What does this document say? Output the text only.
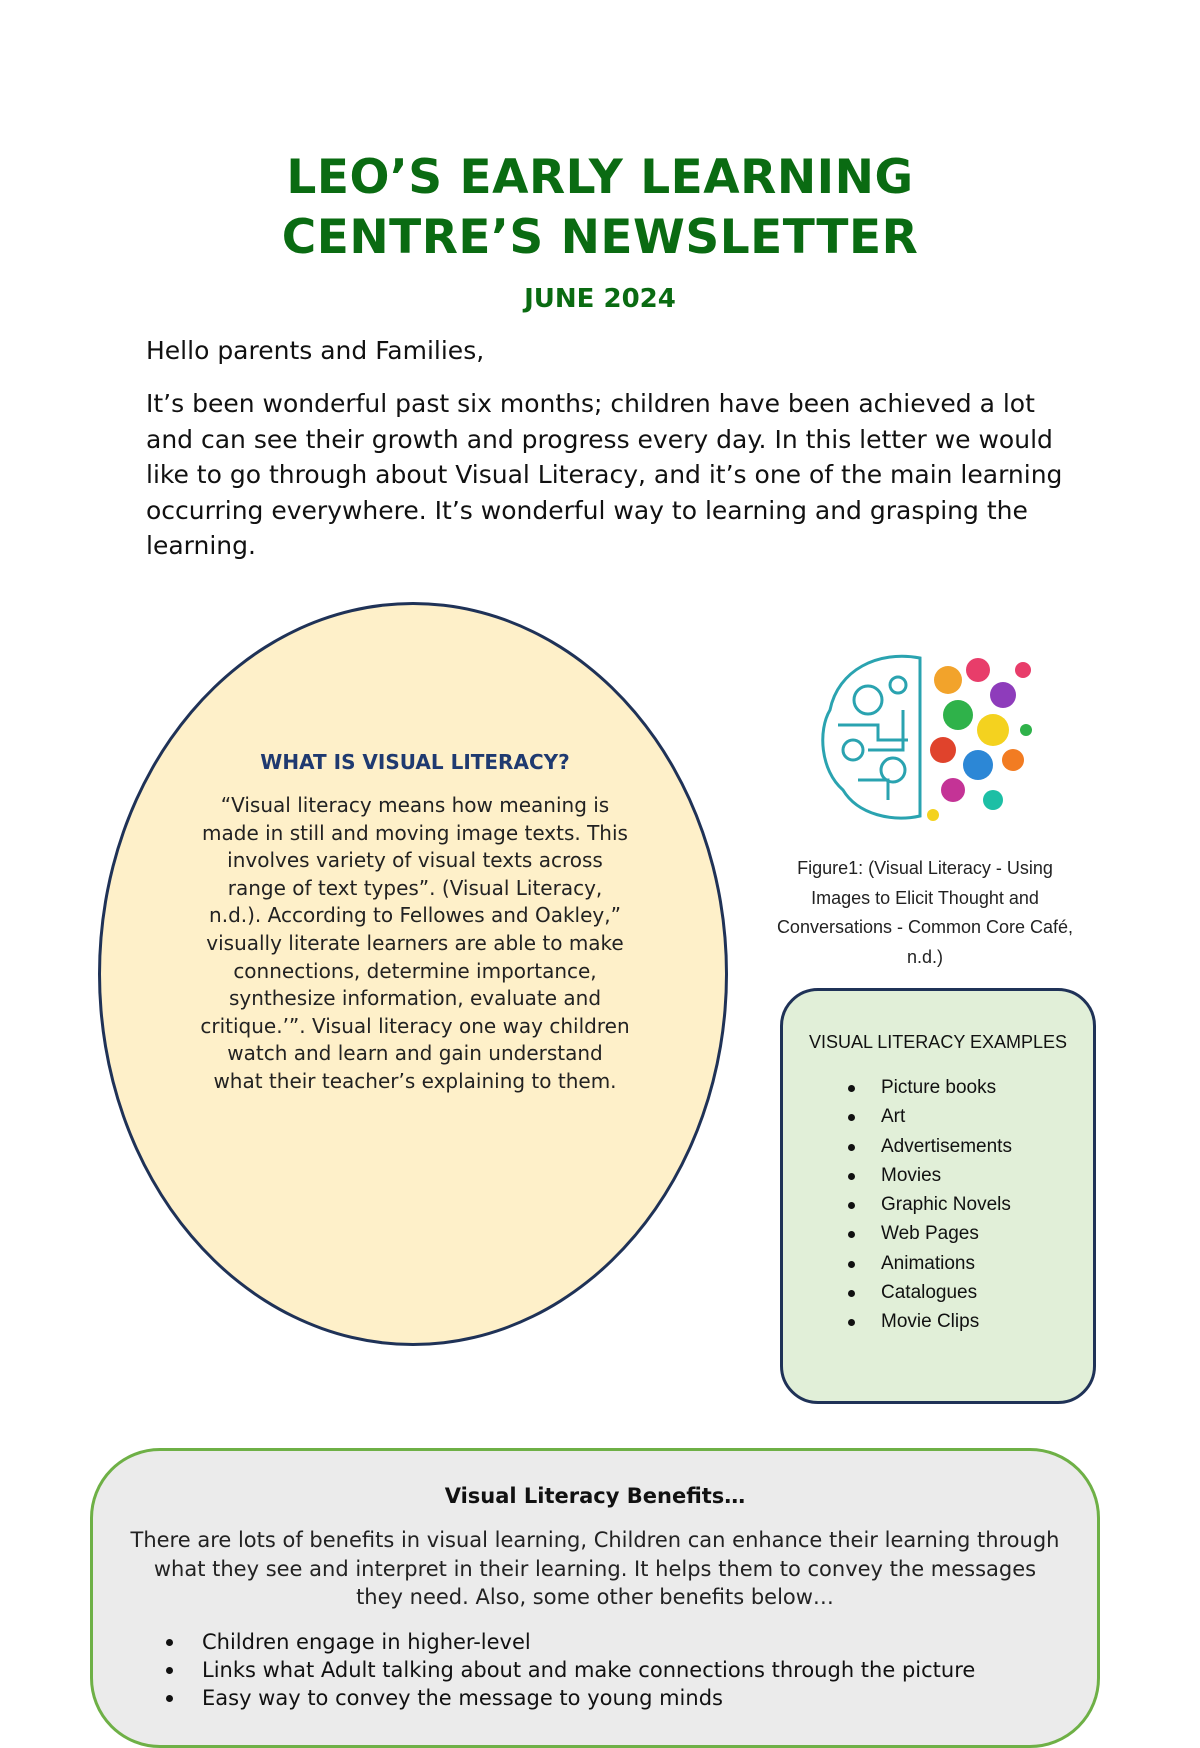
LEO’S EARLY LEARNING
CENTRE’S NEWSLETTER

JUNE 2024

Hello parents and Families,

It’s been wonderful past six months; children have been achieved a lot and can see their growth and progress every day. In this letter we would like to go through about Visual Literacy, and it’s one of the main learning occurring everywhere. It’s wonderful way to learning and grasping the learning.

WHAT IS VISUAL LITERACY?

“Visual literacy means how meaning is made in still and moving image texts. This involves variety of visual texts across range of text types”. (Visual Literacy, n.d.). According to Fellowes and Oakley,” visually literate learners are able to make connections, determine importance, synthesize information, evaluate and critique.’”. Visual literacy one way children watch and learn and gain understand what their teacher’s explaining to them.

Figure1: (Visual Literacy - Using Images to Elicit Thought and Conversations - Common Core Café, n.d.)

VISUAL LITERACY EXAMPLES

Picture books
Art
Advertisements
Movies
Graphic Novels
Web Pages
Animations
Catalogues
Movie Clips

Visual Literacy Benefits…

There are lots of benefits in visual learning, Children can enhance their learning through what they see and interpret in their learning. It helps them to convey the messages they need. Also, some other benefits below…

Children engage in higher-level
Links what Adult talking about and make connections through the picture
Easy way to convey the message to young minds
